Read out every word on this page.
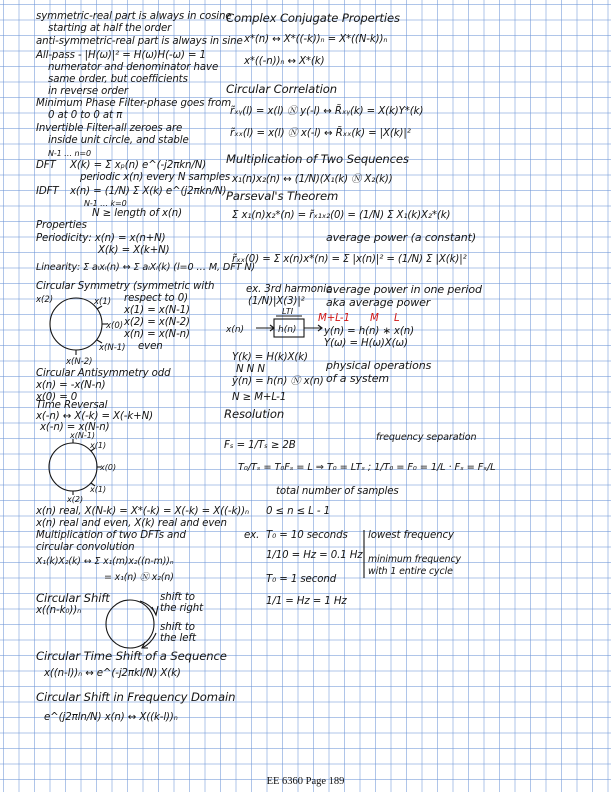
symmetric-real part is always in cosine
starting at half the order
anti-symmetric-real part is always in sine
All-pass - |H(ω)|² = H(ω)H(-ω) = 1
numerator and denominator have
same order, but coefficients
in reverse order
Minimum Phase Filter-phase goes from
0 at 0 to 0 at π
Invertible Filter-all zeroes are
inside unit circle, and stable
N-1 … n=0
DFT X(k) = Σ xₚ(n) e^(-j2πkn/N)
periodic x(n) every N samples
IDFT x(n) = (1/N) Σ X(k) e^(j2πkn/N)
N-1 … k=0
N ≥ length of x(n)
Properties
Periodicity: x(n) = x(n+N)
X(k) = X(k+N)
Linearity: Σ aₗxₗ(n) ↔ Σ aₗXₗ(k) (l=0 … M, DFT N)
Circular Symmetry (symmetric with
respect to 0)
x(1) = x(N-1)
x(2) = x(N-2)
x(n) = x(N-n)
even
x(1)
x(0)
x(N-1)
x(N-2)
x(2)
Circular Antisymmetry odd
x(n) = -x(N-n)
x(0) = 0
Time Reversal
x(-n) ↔ X(-k) = X(-k+N)
x(-n) = x(N-n)
x(N-1)
x(1)
x(0)
x(1)
x(2)
x(n) real, X(N-k) = X*(-k) = X(-k) = X((-k))ₙ
x(n) real and even, X(k) real and even
Multiplication of two DFTs and
circular convolution
X₁(k)X₂(k) ↔ Σ x₁(m)x₂((n-m))ₙ
= x₁(n) Ⓝ x₂(n)
Circular Shift
x((n-k₀))ₙ
shift to
the right
shift to
the left
Circular Time Shift of a Sequence
x((n-l))ₙ ↔ e^(-j2πkl/N) X(k)
Circular Shift in Frequency Domain
e^(j2πln/N) x(n) ↔ X((k-l))ₙ
Complex Conjugate Properties
x*(n) ↔ X*((-k))ₙ = X*((N-k))ₙ
x*((-n))ₙ ↔ X*(k)
Circular Correlation
r̃ₓᵧ(l) = x(l) Ⓝ y(-l) ↔ R̃ₓᵧ(k) = X(k)Y*(k)
r̃ₓₓ(l) = x(l) Ⓝ x(-l) ↔ R̃ₓₓ(k) = |X(k)|²
Multiplication of Two Sequences
x₁(n)x₂(n) ↔ (1/N)(X₁(k) Ⓝ X₂(k))
Parseval's Theorem
Σ x₁(n)x₂*(n) = r̃ₓ₁ₓ₂(0) = (1/N) Σ X₁(k)X₂*(k)
average power (a constant)
r̃ₓₓ(0) = Σ x(n)x*(n) = Σ |x(n)|² = (1/N) Σ |X(k)|²
ex. 3rd harmonic
(1/N)|X(3)|²
average power in one period
aka average power
LTI
h(n)
x(n)
M+L-1 M L
y(n) = h(n) ∗ x(n)
Y(ω) = H(ω)X(ω)
Y(k) = H(k)X(k)
N N N
ỹ(n) = h(n) Ⓝ x(n)
physical operations
of a system
N ≥ M+L-1
Resolution
frequency separation
Fₛ = 1/Tₛ ≥ 2B
T₀/Tₛ = T₀Fₛ = L ⇒ T₀ = LTₛ ; 1/T₀ = F₀ = 1/L · Fₛ = Fₛ/L
total number of samples
0 ≤ n ≤ L - 1
ex. T₀ = 10 seconds
1/10 = Hz = 0.1 Hz
T₀ = 1 second
1/1 = Hz = 1 Hz
lowest frequency
minimum frequency
with 1 entire cycle
EE 6360 Page 189
